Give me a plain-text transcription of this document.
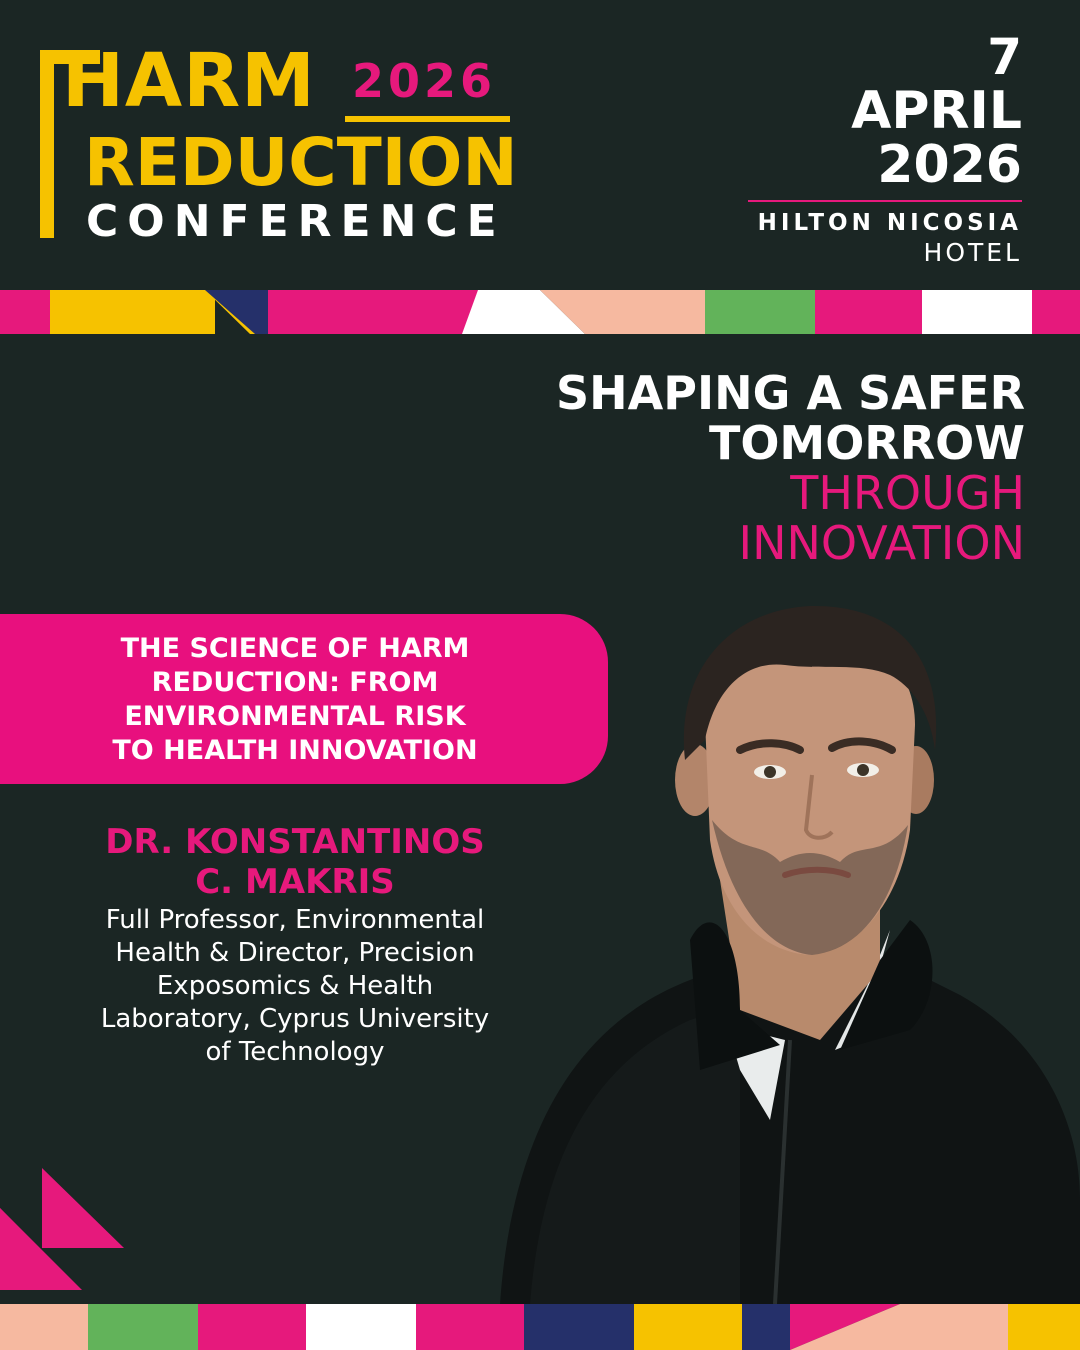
HARM 2026
REDUCTION
CONFERENCE
7
APRIL
2026
HILTON NICOSIA
HOTEL
SHAPING A SAFER
TOMORROW
THROUGH
INNOVATION
THE SCIENCE OF HARM
REDUCTION: FROM
ENVIRONMENTAL RISK
TO HEALTH INNOVATION
DR. KONSTANTINOS
C. MAKRIS
Full Professor, Environmental
Health & Director, Precision
Exposomics & Health
Laboratory, Cyprus University
of Technology
